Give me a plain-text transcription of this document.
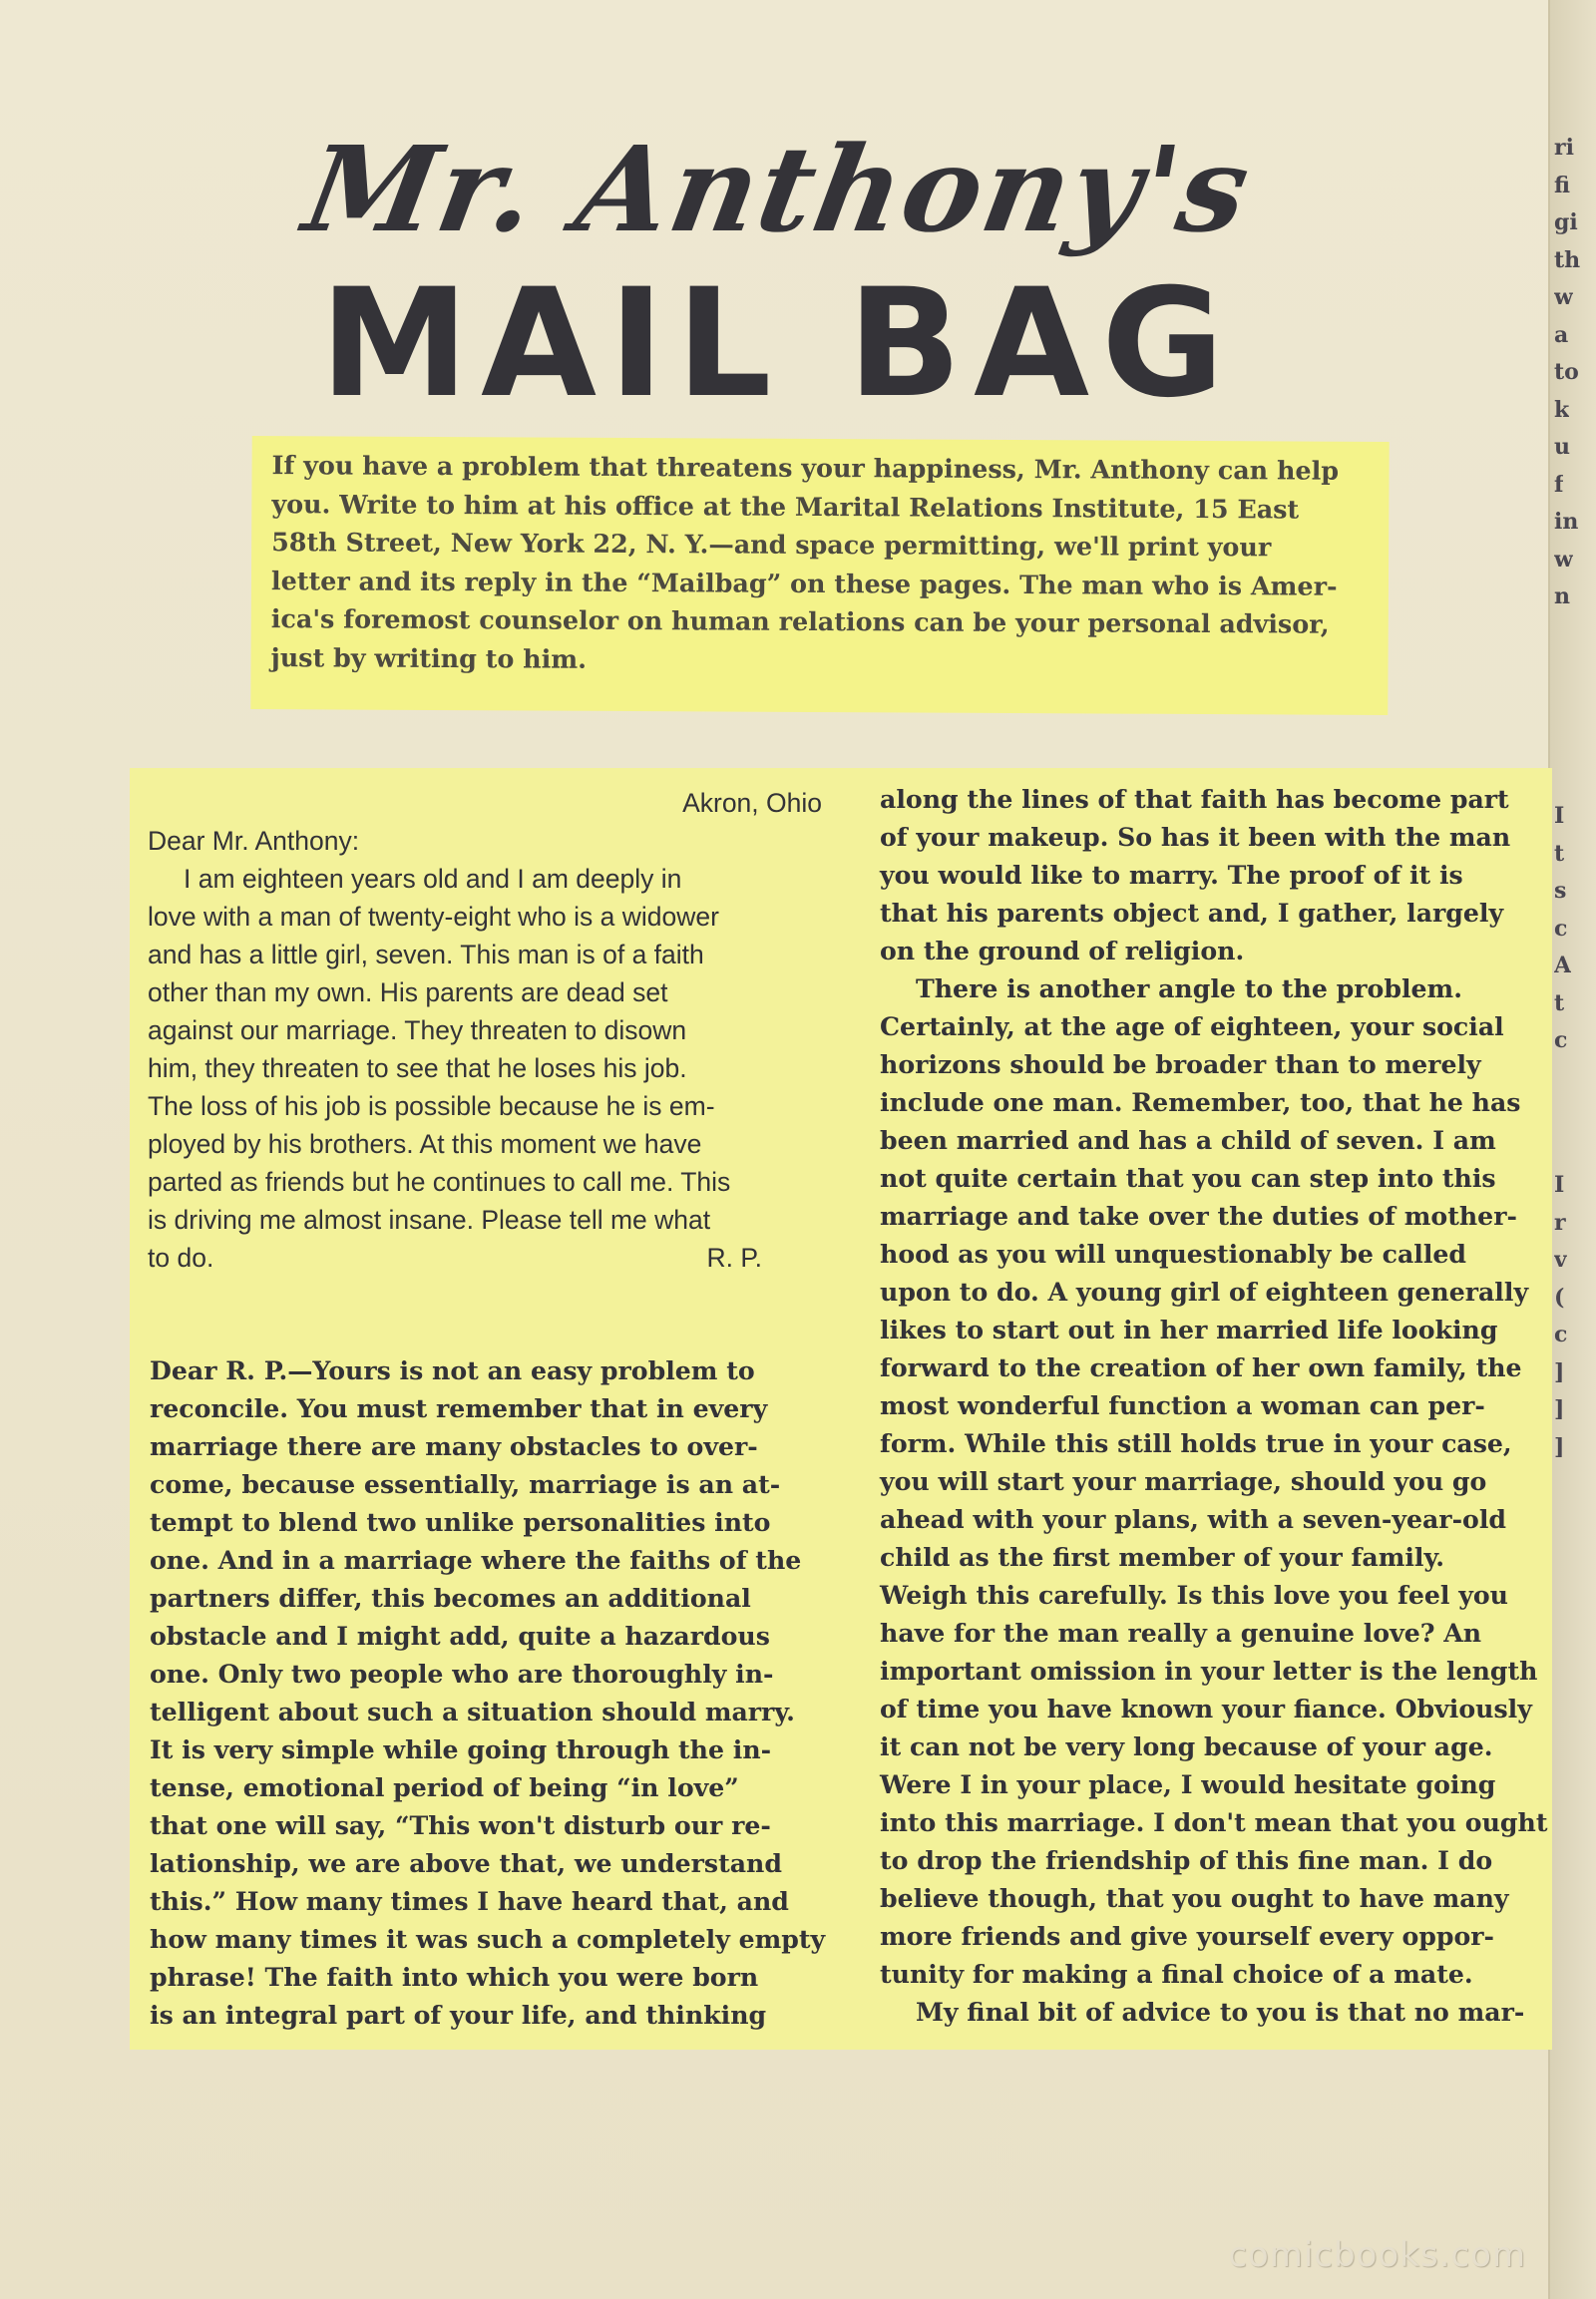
ri
fi
gi
th
w
a
to
k
u
f
in
w
n
I
t
s
c
A
t
c
I
r
v
(
c
]
]
]
Mr. Anthony's
MAIL BAG

If you have a problem that threatens your happiness, Mr. Anthony can help
you. Write to him at his office at the Marital Relations Institute, 15 East
58th Street, New York 22, N. Y.—and space permitting, we'll print your
letter and its reply in the “Mailbag” on these pages. The man who is Amer-
ica's foremost counselor on human relations can be your personal advisor,
just by writing to him.

Akron, Ohio
Dear Mr. Anthony:
I am eighteen years old and I am deeply in
love with a man of twenty-eight who is a widower
and has a little girl, seven. This man is of a faith
other than my own. His parents are dead set
against our marriage. They threaten to disown
him, they threaten to see that he loses his job.
The loss of his job is possible because he is em-
ployed by his brothers. At this moment we have
parted as friends but he continues to call me. This
is driving me almost insane. Please tell me what
to do.	R. P.
Dear R. P.—Yours is not an easy problem to
reconcile. You must remember that in every
marriage there are many obstacles to over-
come, because essentially, marriage is an at-
tempt to blend two unlike personalities into
one. And in a marriage where the faiths of the
partners differ, this becomes an additional
obstacle and I might add, quite a hazardous
one. Only two people who are thoroughly in-
telligent about such a situation should marry.
It is very simple while going through the in-
tense, emotional period of being “in love”
that one will say, “This won't disturb our re-
lationship, we are above that, we understand
this.” How many times I have heard that, and
how many times it was such a completely empty
phrase! The faith into which you were born
is an integral part of your life, and thinking
along the lines of that faith has become part
of your makeup. So has it been with the man
you would like to marry. The proof of it is
that his parents object and, I gather, largely
on the ground of religion.
There is another angle to the problem.
Certainly, at the age of eighteen, your social
horizons should be broader than to merely
include one man. Remember, too, that he has
been married and has a child of seven. I am
not quite certain that you can step into this
marriage and take over the duties of mother-
hood as you will unquestionably be called
upon to do. A young girl of eighteen generally
likes to start out in her married life looking
forward to the creation of her own family, the
most wonderful function a woman can per-
form. While this still holds true in your case,
you will start your marriage, should you go
ahead with your plans, with a seven-year-old
child as the first member of your family.
Weigh this carefully. Is this love you feel you
have for the man really a genuine love? An
important omission in your letter is the length
of time you have known your fiance. Obviously
it can not be very long because of your age.
Were I in your place, I would hesitate going
into this marriage. I don't mean that you ought
to drop the friendship of this fine man. I do
believe though, that you ought to have many
more friends and give yourself every oppor-
tunity for making a final choice of a mate.
My final bit of advice to you is that no mar-
comicbooks.com
